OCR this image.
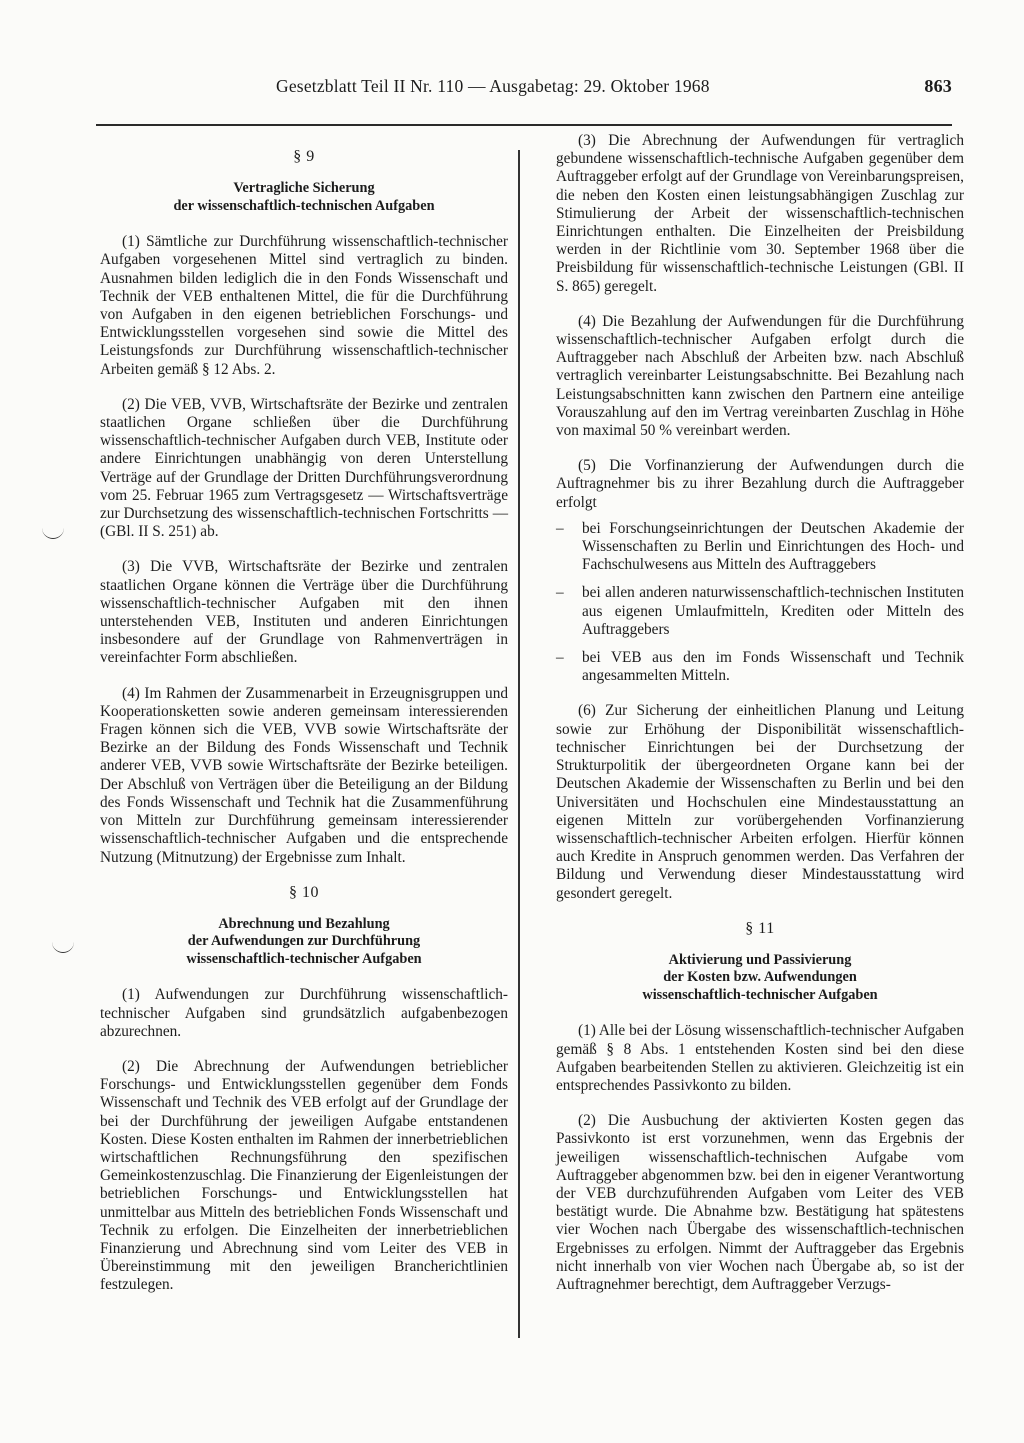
Gesetzblatt Teil II Nr. 110 — Ausgabetag: 29. Oktober 1968	863
§ 9
Vertragliche Sicherung
der wissenschaftlich-technischen Aufgaben

(1) Sämtliche zur Durchführung wissenschaftlich-technischer Aufgaben vorgesehenen Mittel sind vertraglich zu binden. Ausnahmen bilden lediglich die in den Fonds Wissenschaft und Technik der VEB enthaltenen Mittel, die für die Durchführung von Aufgaben in den eigenen betrieblichen Forschungs- und Entwicklungsstellen vorgesehen sind sowie die Mittel des Leistungsfonds zur Durchführung wissenschaftlich-technischer Arbeiten gemäß § 12 Abs. 2.

(2) Die VEB, VVB, Wirtschaftsräte der Bezirke und zentralen staatlichen Organe schließen über die Durchführung wissenschaftlich-technischer Aufgaben durch VEB, Institute oder andere Einrichtungen unabhängig von deren Unterstellung Verträge auf der Grundlage der Dritten Durchführungsverordnung vom 25. Februar 1965 zum Vertragsgesetz — Wirtschaftsverträge zur Durchsetzung des wissenschaftlich-technischen Fortschritts — (GBl. II S. 251) ab.

(3) Die VVB, Wirtschaftsräte der Bezirke und zentralen staatlichen Organe können die Verträge über die Durchführung wissenschaftlich-technischer Aufgaben mit den ihnen unterstehenden VEB, Instituten und anderen Einrichtungen insbesondere auf der Grundlage von Rahmenverträgen in vereinfachter Form abschließen.

(4) Im Rahmen der Zusammenarbeit in Erzeugnisgruppen und Kooperationsketten sowie anderen gemeinsam interessierenden Fragen können sich die VEB, VVB sowie Wirtschaftsräte der Bezirke an der Bildung des Fonds Wissenschaft und Technik anderer VEB, VVB sowie Wirtschaftsräte der Bezirke beteiligen. Der Abschluß von Verträgen über die Beteiligung an der Bildung des Fonds Wissenschaft und Technik hat die Zusammenführung von Mitteln zur Durchführung gemeinsam interessierender wissenschaftlich-technischer Aufgaben und die entsprechende Nutzung (Mitnutzung) der Ergebnisse zum Inhalt.

§ 10
Abrechnung und Bezahlung
der Aufwendungen zur Durchführung
wissenschaftlich-technischer Aufgaben

(1) Aufwendungen zur Durchführung wissenschaftlich-technischer Aufgaben sind grundsätzlich aufgabenbezogen abzurechnen.

(2) Die Abrechnung der Aufwendungen betrieblicher Forschungs- und Entwicklungsstellen gegenüber dem Fonds Wissenschaft und Technik des VEB erfolgt auf der Grundlage der bei der Durchführung der jeweiligen Aufgabe entstandenen Kosten. Diese Kosten enthalten im Rahmen der innerbetrieblichen wirtschaftlichen Rechnungsführung den spezifischen Gemeinkostenzuschlag. Die Finanzierung der Eigenleistungen der betrieblichen Forschungs- und Entwicklungsstellen hat unmittelbar aus Mitteln des betrieblichen Fonds Wissenschaft und Technik zu erfolgen. Die Einzelheiten der innerbetrieblichen Finanzierung und Abrechnung sind vom Leiter des VEB in Übereinstimmung mit den jeweiligen Brancherichtlinien festzulegen.

(3) Die Abrechnung der Aufwendungen für vertraglich gebundene wissenschaftlich-technische Aufgaben gegenüber dem Auftraggeber erfolgt auf der Grundlage von Vereinbarungspreisen, die neben den Kosten einen leistungsabhängigen Zuschlag zur Stimulierung der Arbeit der wissenschaftlich-technischen Einrichtungen enthalten. Die Einzelheiten der Preisbildung werden in der Richtlinie vom 30. September 1968 über die Preisbildung für wissenschaftlich-technische Leistungen (GBl. II S. 865) geregelt.

(4) Die Bezahlung der Aufwendungen für die Durchführung wissenschaftlich-technischer Aufgaben erfolgt durch die Auftraggeber nach Abschluß der Arbeiten bzw. nach Abschluß vertraglich vereinbarter Leistungsabschnitte. Bei Bezahlung nach Leistungsabschnitten kann zwischen den Partnern eine anteilige Vorauszahlung auf den im Vertrag vereinbarten Zuschlag in Höhe von maximal 50 % vereinbart werden.

(5) Die Vorfinanzierung der Aufwendungen durch die Auftragnehmer bis zu ihrer Bezahlung durch die Auftraggeber erfolgt

– bei Forschungseinrichtungen der Deutschen Akademie der Wissenschaften zu Berlin und Einrichtungen des Hoch- und Fachschulwesens aus Mitteln des Auftraggebers
– bei allen anderen naturwissenschaftlich-technischen Instituten aus eigenen Umlaufmitteln, Krediten oder Mitteln des Auftraggebers
– bei VEB aus den im Fonds Wissenschaft und Technik angesammelten Mitteln.

(6) Zur Sicherung der einheitlichen Planung und Leitung sowie zur Erhöhung der Disponibilität wissenschaftlich-technischer Einrichtungen bei der Durchsetzung der Strukturpolitik der übergeordneten Organe kann bei der Deutschen Akademie der Wissenschaften zu Berlin und bei den Universitäten und Hochschulen eine Mindestausstattung an eigenen Mitteln zur vorübergehenden Vorfinanzierung wissenschaftlich-technischer Arbeiten erfolgen. Hierfür können auch Kredite in Anspruch genommen werden. Das Verfahren der Bildung und Verwendung dieser Mindestausstattung wird gesondert geregelt.

§ 11
Aktivierung und Passivierung
der Kosten bzw. Aufwendungen
wissenschaftlich-technischer Aufgaben

(1) Alle bei der Lösung wissenschaftlich-technischer Aufgaben gemäß § 8 Abs. 1 entstehenden Kosten sind bei den diese Aufgaben bearbeitenden Stellen zu aktivieren. Gleichzeitig ist ein entsprechendes Passivkonto zu bilden.

(2) Die Ausbuchung der aktivierten Kosten gegen das Passivkonto ist erst vorzunehmen, wenn das Ergebnis der jeweiligen wissenschaftlich-technischen Aufgabe vom Auftraggeber abgenommen bzw. bei den in eigener Verantwortung der VEB durchzuführenden Aufgaben vom Leiter des VEB bestätigt wurde. Die Abnahme bzw. Bestätigung hat spätestens vier Wochen nach Übergabe des wissenschaftlich-technischen Ergebnisses zu erfolgen. Nimmt der Auftraggeber das Ergebnis nicht innerhalb von vier Wochen nach Übergabe ab, so ist der Auftragnehmer berechtigt, dem Auftraggeber Verzugs-
